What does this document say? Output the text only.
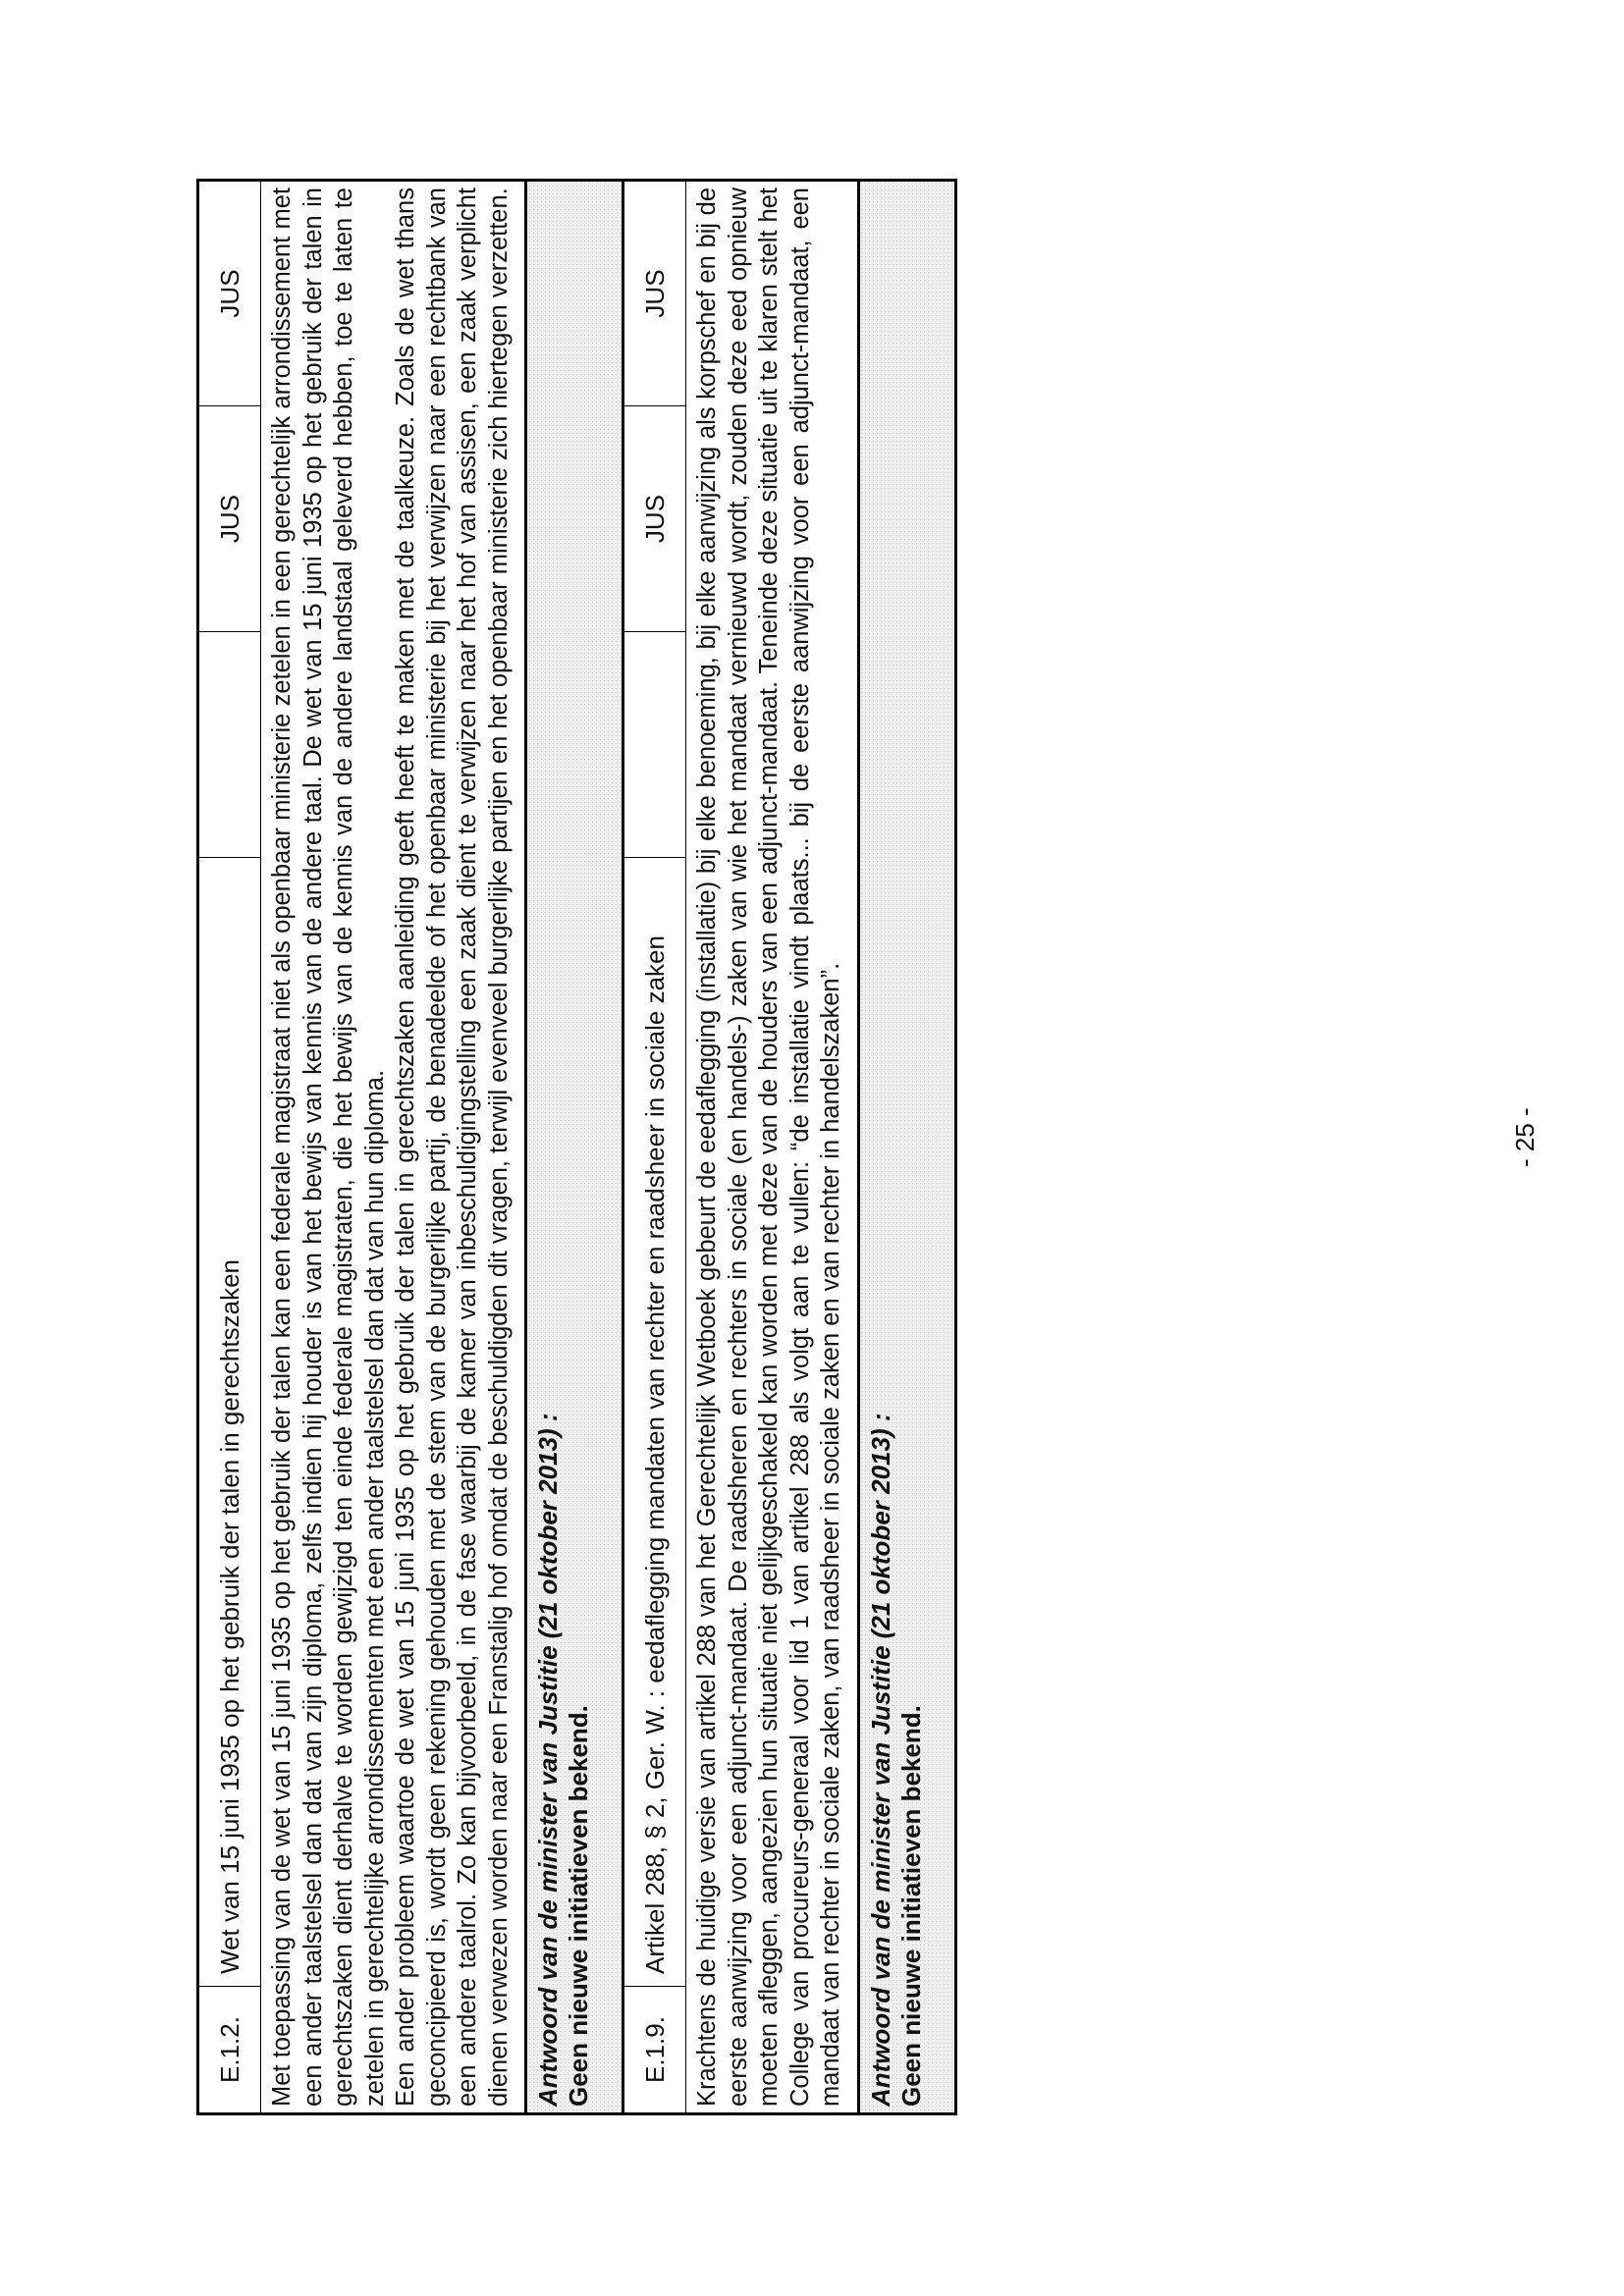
E.1.2.	Wet van 15 juni 1935 op het gebruik der talen in gerechtszaken		JUS	JUS

Met toepassing van de wet van 15 juni 1935 op het gebruik der talen kan een federale magistraat niet als openbaar ministerie zetelen in een gerechtelijk arrondissement met een ander taalstelsel dan dat van zijn diploma, zelfs indien hij houder is van het bewijs van kennis van de andere taal. De wet van 15 juni 1935 op het gebruik der talen in gerechtszaken dient derhalve te worden gewijzigd ten einde federale magistraten, die het bewijs van de kennis van de andere landstaal geleverd hebben, toe te laten te zetelen in gerechtelijke arrondissementen met een ander taalstelsel dan dat van hun diploma. Een ander probleem waartoe de wet van 15 juni 1935 op het gebruik der talen in gerechtszaken aanleiding geeft heeft te maken met de taalkeuze. Zoals de wet thans geconcipieerd is, wordt geen rekening gehouden met de stem van de burgerlijke partij, de benadeelde of het openbaar ministerie bij het verwijzen naar een rechtbank van een andere taalrol. Zo kan bijvoorbeeld, in de fase waarbij de kamer van inbeschuldigingstelling een zaak dient te verwijzen naar het hof van assisen, een zaak verplicht dienen verwezen worden naar een Franstalig hof omdat de beschuldigden dit vragen, terwijl evenveel burgerlijke partijen en het openbaar ministerie zich hiertegen verzetten.				

Antwoord van de minister van Justitie (21 oktober 2013) : Geen nieuwe initiatieven bekend.				

E.1.9.	Artikel 288, § 2, Ger. W. : eedaflegging mandaten van rechter en raadsheer in sociale zaken		JUS	JUS

Krachtens de huidige versie van artikel 288 van het Gerechtelijk Wetboek gebeurt de eedaflegging (installatie) bij elke benoeming, bij elke aanwijzing als korpschef en bij de eerste aanwijzing voor een adjunct-mandaat. De raadsheren en rechters in sociale (en handels-) zaken van wie het mandaat vernieuwd wordt, zouden deze eed opnieuw moeten afleggen, aangezien hun situatie niet gelijkgeschakeld kan worden met deze van de houders van een adjunct-mandaat. Teneinde deze situatie uit te klaren stelt het College van procureurs-generaal voor lid 1 van artikel 288 als volgt aan te vullen: “de installatie vindt plaats... bij de eerste aanwijzing voor een adjunct-mandaat, een mandaat van rechter in sociale zaken, van raadsheer in sociale zaken en van rechter in handelszaken”.				

Antwoord van de minister van Justitie (21 oktober 2013) : Geen nieuwe initiatieven bekend.				
- 25 -
